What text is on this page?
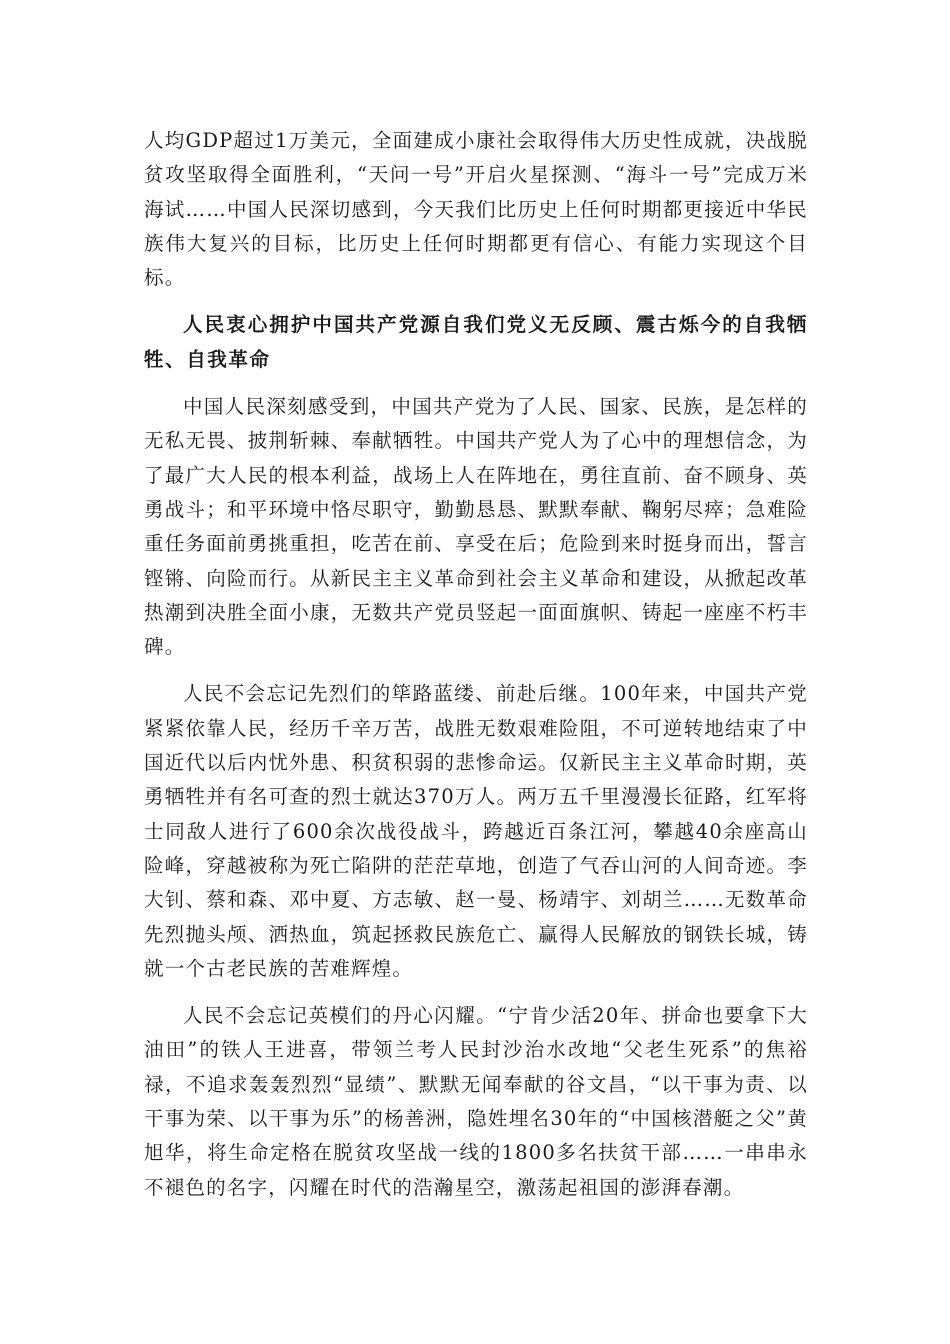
人均GDP超过1万美元，全面建成小康社会取得伟大历史性成就，决战脱贫攻坚取得全面胜利，“天问一号”开启火星探测、“海斗一号”完成万米海试……中国人民深切感到，今天我们比历史上任何时期都更接近中华民族伟大复兴的目标，比历史上任何时期都更有信心、有能力实现这个目标。

人民衷心拥护中国共产党源自我们党义无反顾、震古烁今的自我牺牲、自我革命

中国人民深刻感受到，中国共产党为了人民、国家、民族，是怎样的无私无畏、披荆斩棘、奉献牺牲。中国共产党人为了心中的理想信念，为了最广大人民的根本利益，战场上人在阵地在，勇往直前、奋不顾身、英勇战斗；和平环境中恪尽职守，勤勤恳恳、默默奉献、鞠躬尽瘁；急难险重任务面前勇挑重担，吃苦在前、享受在后；危险到来时挺身而出，誓言铿锵、向险而行。从新民主主义革命到社会主义革命和建设，从掀起改革热潮到决胜全面小康，无数共产党员竖起一面面旗帜、铸起一座座不朽丰碑。

人民不会忘记先烈们的筚路蓝缕、前赴后继。100年来，中国共产党紧紧依靠人民，经历千辛万苦，战胜无数艰难险阻，不可逆转地结束了中国近代以后内忧外患、积贫积弱的悲惨命运。仅新民主主义革命时期，英勇牺牲并有名可查的烈士就达370万人。两万五千里漫漫长征路，红军将士同敌人进行了600余次战役战斗，跨越近百条江河，攀越40余座高山险峰，穿越被称为死亡陷阱的茫茫草地，创造了气吞山河的人间奇迹。李大钊、蔡和森、邓中夏、方志敏、赵一曼、杨靖宇、刘胡兰……无数革命先烈抛头颅、洒热血，筑起拯救民族危亡、赢得人民解放的钢铁长城，铸就一个古老民族的苦难辉煌。

人民不会忘记英模们的丹心闪耀。“宁肯少活20年、拼命也要拿下大油田”的铁人王进喜，带领兰考人民封沙治水改地“父老生死系”的焦裕禄，不追求轰轰烈烈“显绩”、默默无闻奉献的谷文昌，“以干事为责、以干事为荣、以干事为乐”的杨善洲，隐姓埋名30年的“中国核潜艇之父”黄旭华，将生命定格在脱贫攻坚战一线的1800多名扶贫干部……一串串永不褪色的名字，闪耀在时代的浩瀚星空，激荡起祖国的澎湃春潮。
